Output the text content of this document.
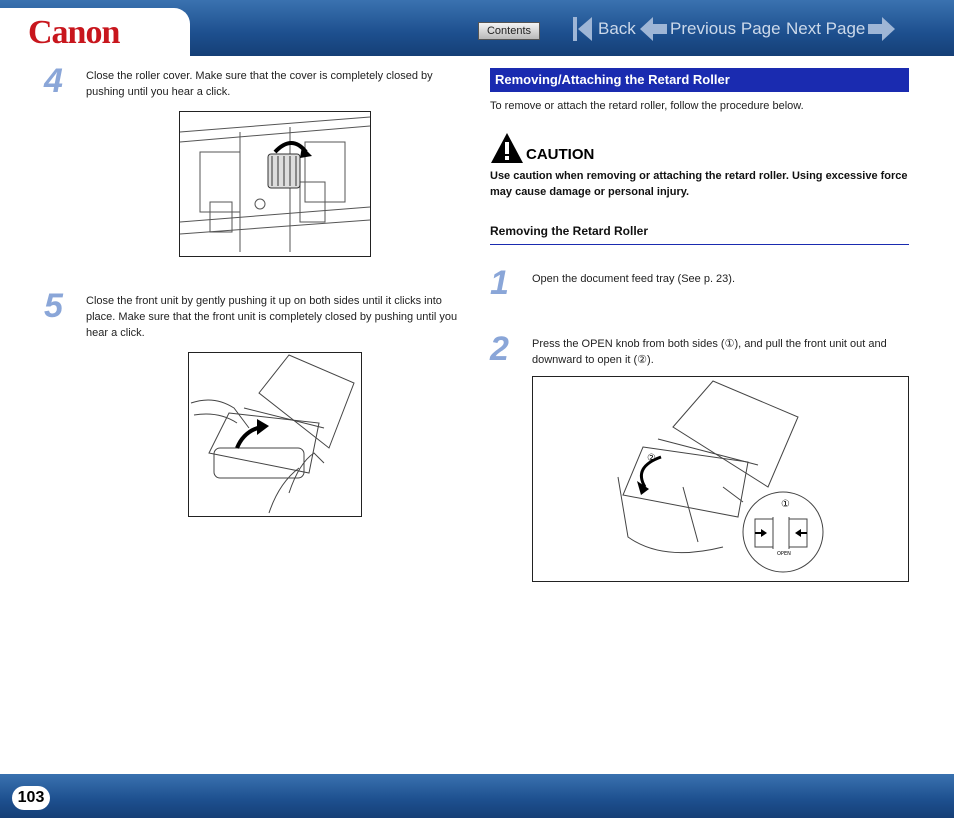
Canon	Contents	Back Previous Page Next Page
4 Close the roller cover. Make sure that the cover is completely closed by pushing until you hear a click.
5 Close the front unit by gently pushing it up on both sides until it clicks into place. Make sure that the front unit is completely closed by pushing until you hear a click.
Removing/Attaching the Retard Roller
To remove or attach the retard roller, follow the procedure below.
CAUTION
Use caution when removing or attaching the retard roller. Using excessive force may cause damage or personal injury.
Removing the Retard Roller
1 Open the document feed tray (See p. 23).
2 Press the OPEN knob from both sides (①), and pull the front unit out and downward to open it (②).
②
①
OPEN
103
